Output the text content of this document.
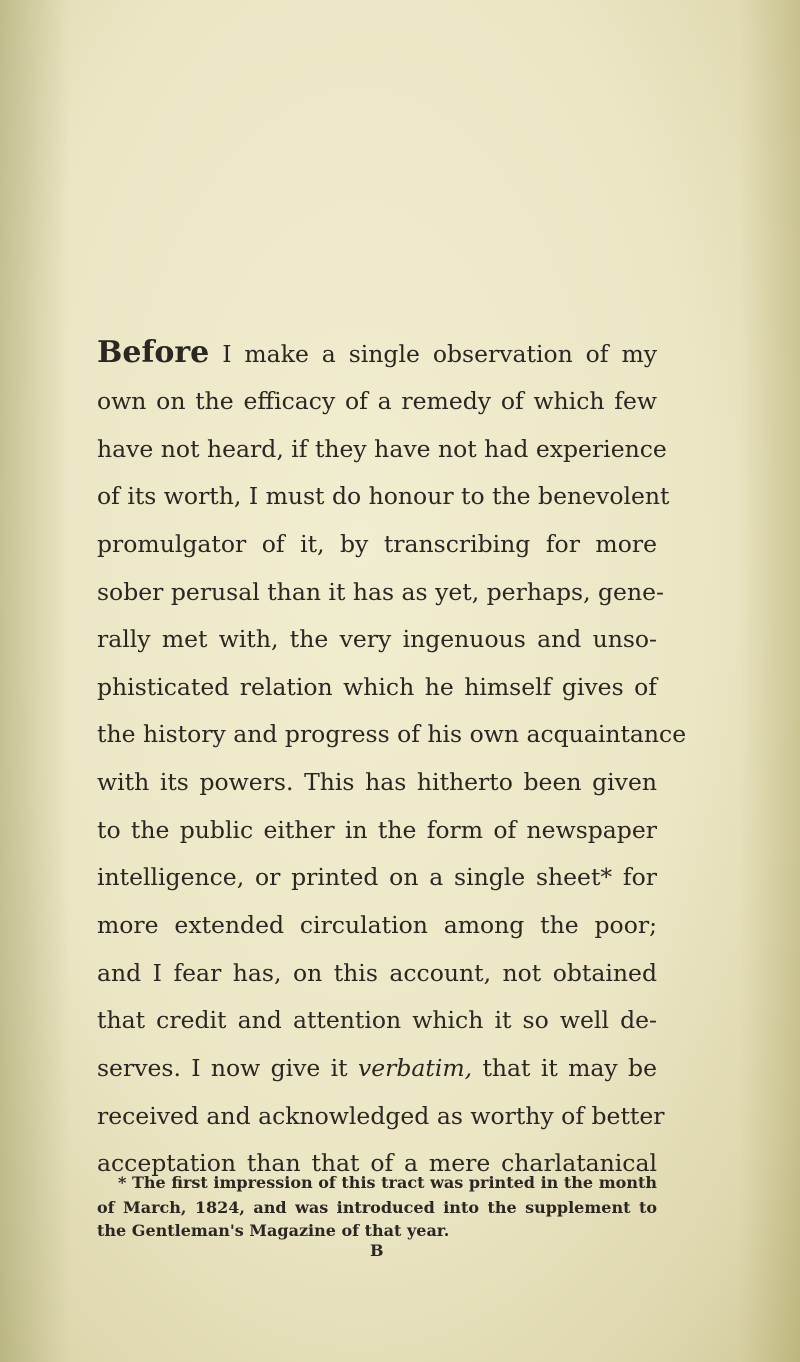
Before I make a single observation of my
own on the efficacy of a remedy of which few
have not heard, if they have not had experience
of its worth, I must do honour to the benevolent
promulgator of it, by transcribing for more
sober perusal than it has as yet, perhaps, gene-
rally met with, the very ingenuous and unso-
phisticated relation which he himself gives of
the history and progress of his own acquaintance
with its powers. This has hitherto been given
to the public either in the form of newspaper
intelligence, or printed on a single sheet* for
more extended circulation among the poor;
and I fear has, on this account, not obtained
that credit and attention which it so well de-
serves. I now give it verbatim, that it may be
received and acknowledged as worthy of better
acceptation than that of a mere charlatanical
* The first impression of this tract was printed in the month
of March, 1824, and was introduced into the supplement to
the Gentleman's Magazine of that year.
B
